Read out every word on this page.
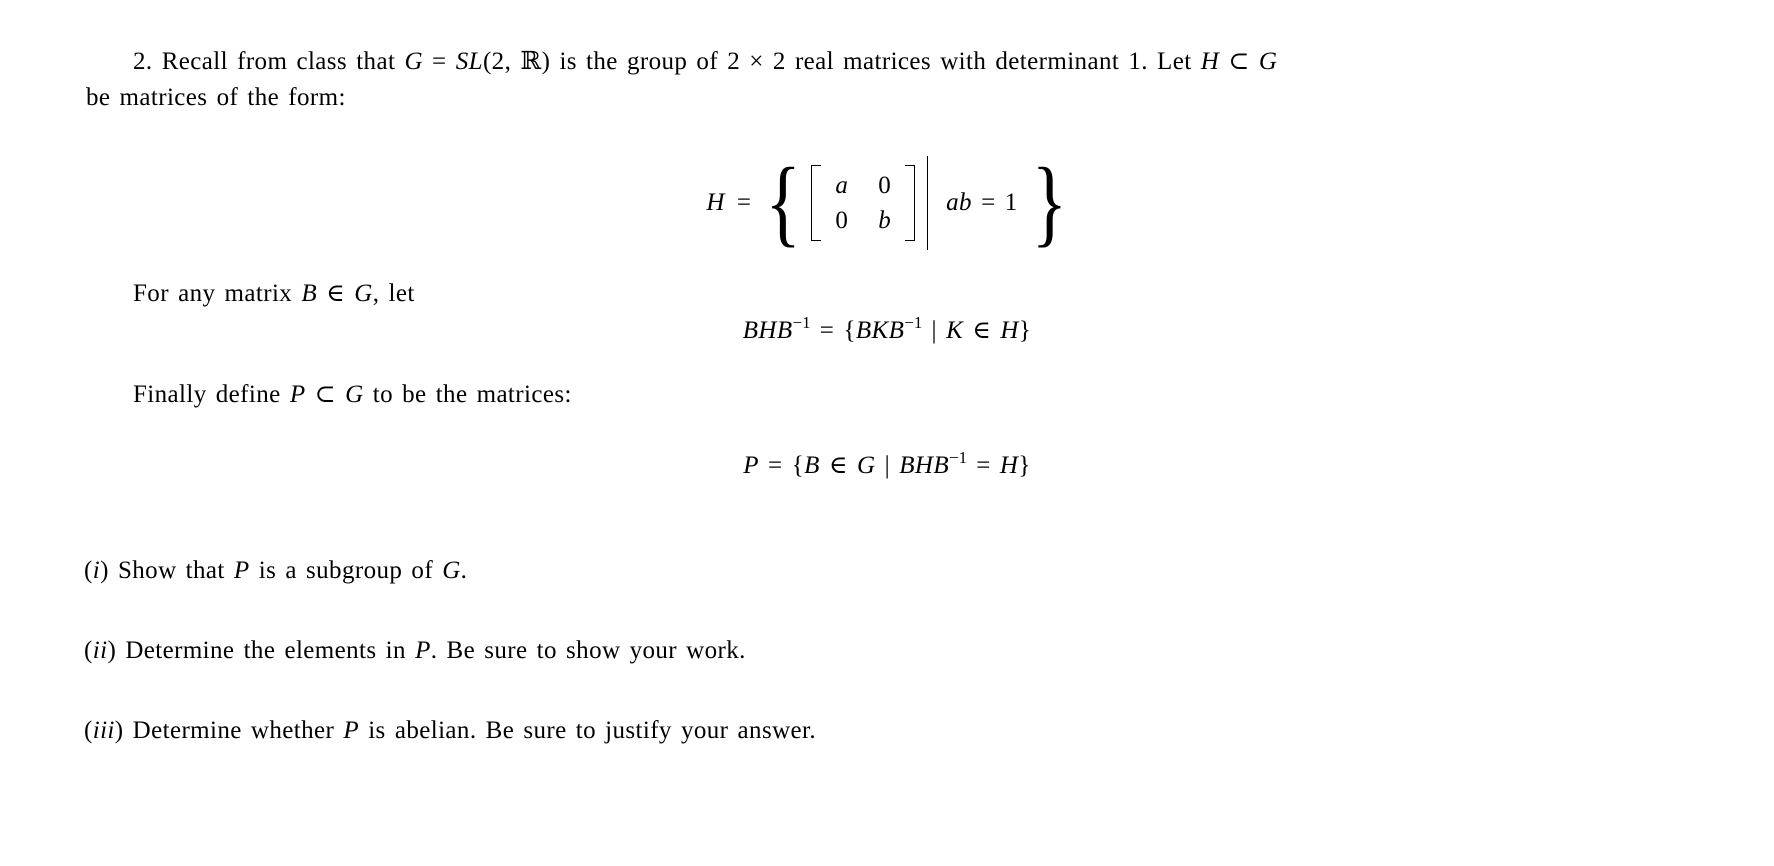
2. Recall from class that G = SL(2, ℝ) is the group of 2 × 2 real matrices with determinant 1. Let H ⊂ G
be matrices of the form:
H = { a 0
0 b
ab = 1 }
For any matrix B ∈ G, let
$BHB^{-1} = \{BKB^{-1}$ | K ∈ H}
Finally define P ⊂ G to be the matrices:
P = {B ∈ G | $BHB^{-1} = H$}
(i) Show that P is a subgroup of G.
(ii) Determine the elements in P. Be sure to show your work.
(iii) Determine whether P is abelian. Be sure to justify your answer.
